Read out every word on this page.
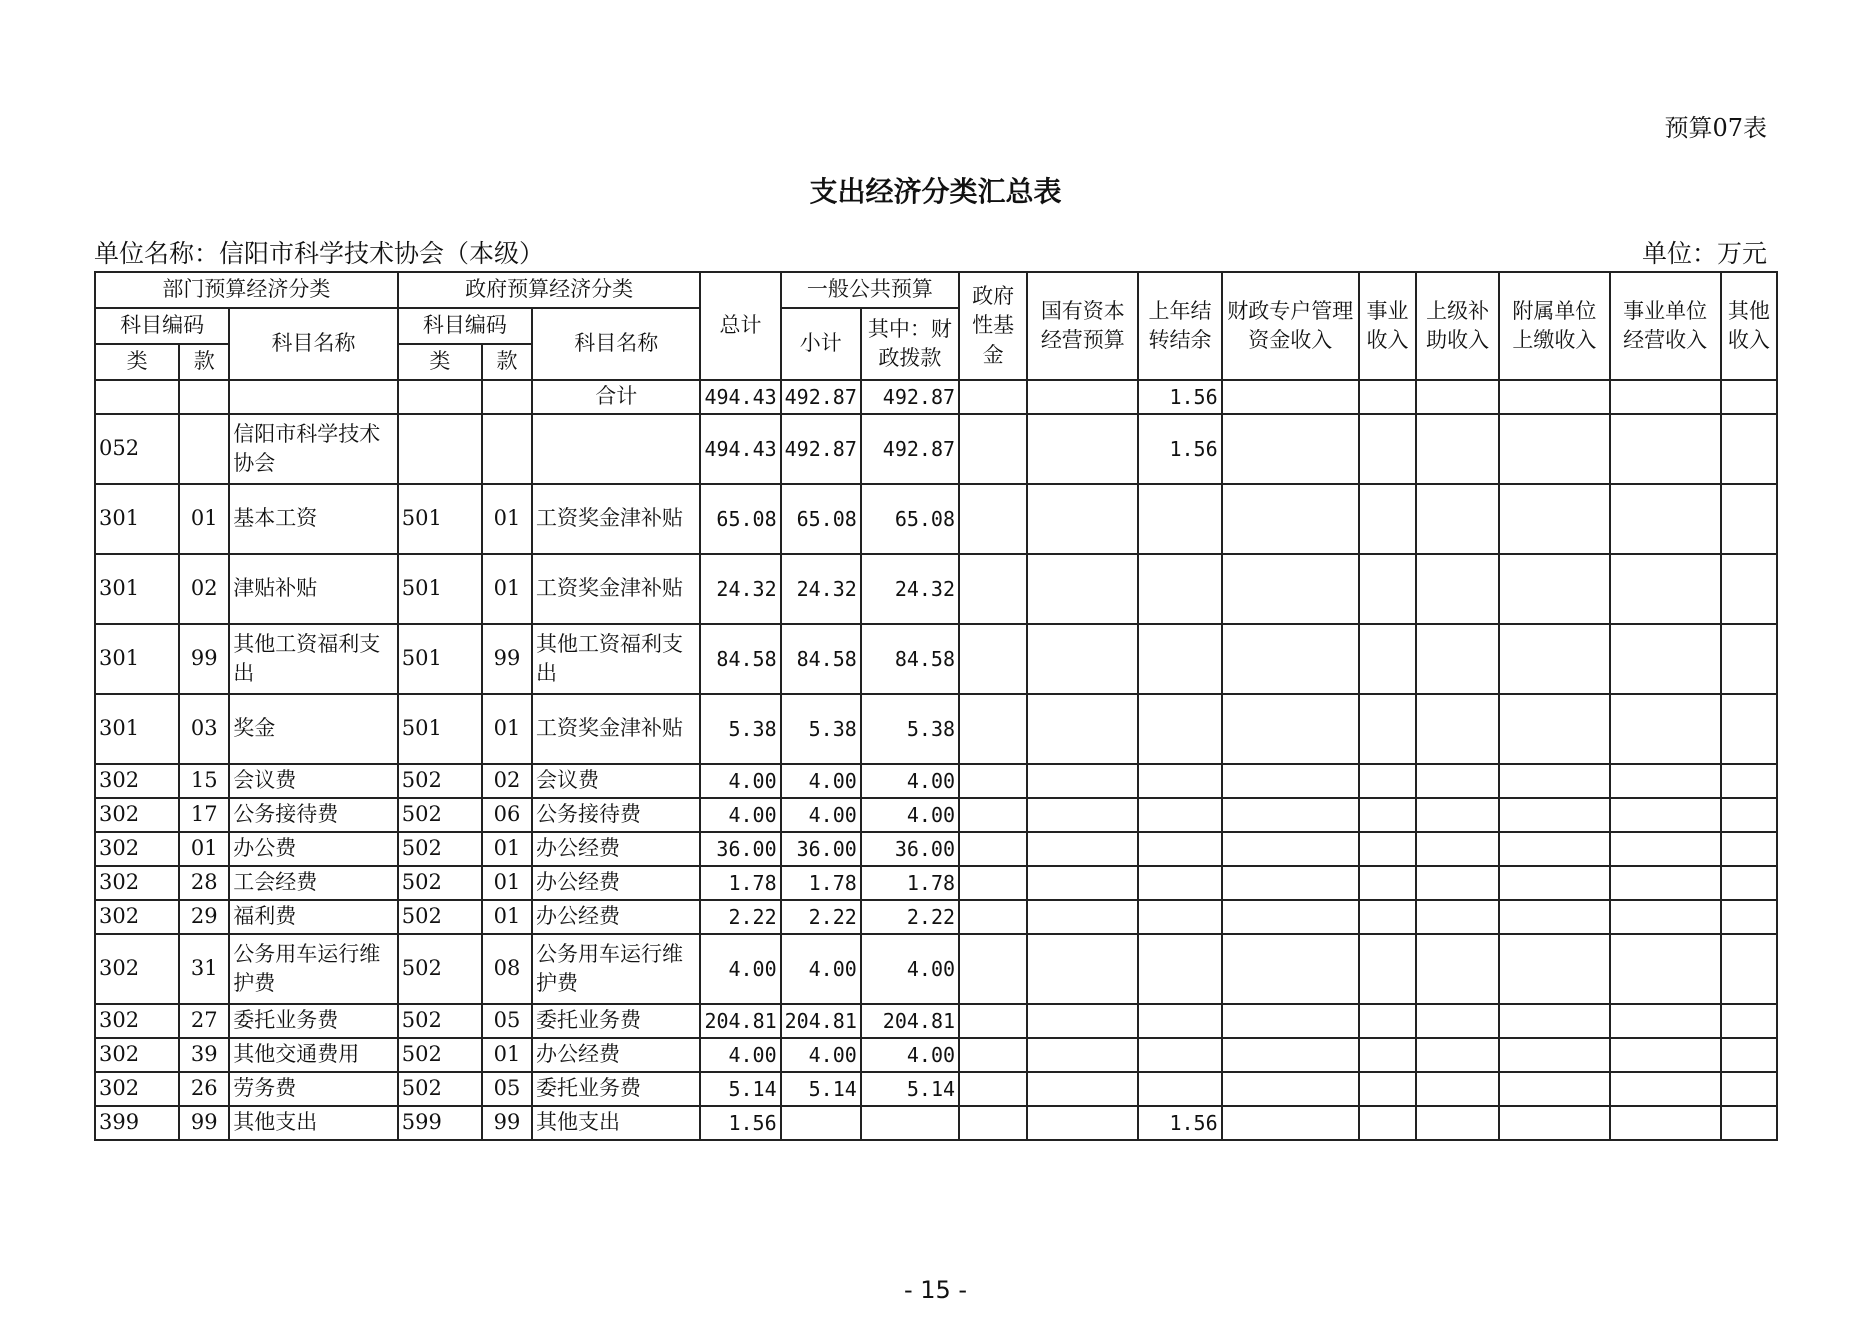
预算07表
支出经济分类汇总表
单位名称：信阳市科学技术协会（本级）	单位：万元
部门预算经济分类			政府预算经济分类			总计	一般公共预算		政府性基金	国有资本经营预算	上年结转结余	财政专户管理资金收入	事业收入	上级补助收入	附属单位上缴收入	事业单位经营收入	其他收入
科目编码		科目名称	科目编码		科目名称		小计	其中：财政拨款									
类	款		类	款													
					合计	494.43	492.87	492.87			1.56						
052		信阳市科学技术协会				494.43	492.87	492.87			1.56						
301	01	基本工资	501	01	工资奖金津补贴	65.08	65.08	65.08									
301	02	津贴补贴	501	01	工资奖金津补贴	24.32	24.32	24.32									
301	99	其他工资福利支出	501	99	其他工资福利支出	84.58	84.58	84.58									
301	03	奖金	501	01	工资奖金津补贴	5.38	5.38	5.38									
302	15	会议费	502	02	会议费	4.00	4.00	4.00									
302	17	公务接待费	502	06	公务接待费	4.00	4.00	4.00									
302	01	办公费	502	01	办公经费	36.00	36.00	36.00									
302	28	工会经费	502	01	办公经费	1.78	1.78	1.78									
302	29	福利费	502	01	办公经费	2.22	2.22	2.22									
302	31	公务用车运行维护费	502	08	公务用车运行维护费	4.00	4.00	4.00									
302	27	委托业务费	502	05	委托业务费	204.81	204.81	204.81									
302	39	其他交通费用	502	01	办公经费	4.00	4.00	4.00									
302	26	劳务费	502	05	委托业务费	5.14	5.14	5.14									
399	99	其他支出	599	99	其他支出	1.56					1.56						
- 15 -
